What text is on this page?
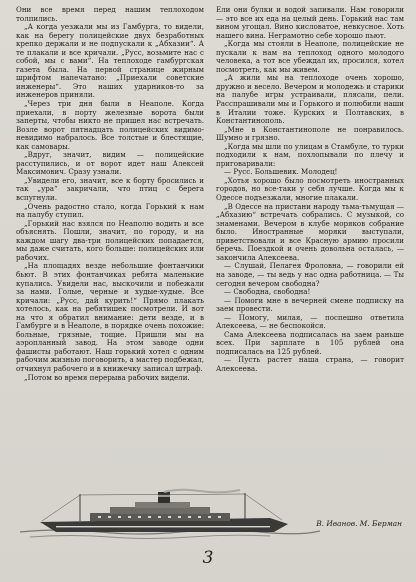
Они все время перед нашим теплоходом толпились.

„А когда уезжали мы из Гамбурга, то видели, как на берегу полицейские двух безработных крепко держали и не подпускали к „Абхазии“. А те плакали и все кричали. „Русс, возьмите нас с собой, мы с вами“. На теплоходе гамбургская газета была. На первой странице жирным шрифтом напечатано: „Приехали советские инженеры“. Это наших ударников-то за инженеров приняли.

„Через три дня были в Неаполе. Когда приехали, в порту железные ворота были заперты, чтобы никто не пришел нас встречать. Возле ворот пятнадцать полицейских видимо-невидимо набралось. Все толстые и блестящие, как самовары.

„Вдруг, значит, видим — полицейские расступились, и от ворот идет наш Алексей Максимович. Сразу узнали.

„Увидели его, значит, все к борту бросились и так „ура“ закричали, что птиц с берега вспугнули.

„Очень радостно стало, когда Горький к нам на палубу ступил.

„Горький нас взялся по Неаполю водить и все объяснять. Пошли, значит, по городу, и на каждом шагу два-три полицейских попадается, мы даже считать, кого больше: полицейских или рабочих.

„На площадях везде небольшие фонтанчики бьют. В этих фонтанчиках ребята маленькие купались. Увидели нас, выскочили и побежали за нами. Голые, черные и худые-худые. Все кричали: „Русс, дай курить!“ Прямо плакать хотелось, как на ребятишек посмотрели. И вот на что я обратил внимание: дети везде, и в Гамбурге и в Неаполе, в порядке очень похожие: больные, грязные, тощие. Пришли мы на аэропланный завод. На этом заводе одни фашисты работают. Наш горький хотел с одним рабочим жизнью поговорить, а мастер подбежал, отчихнул рабочего и в книжечку записал штраф.

„Потом во время перерыва рабочих видели.

Ели они булки и водой запивали. Нам говорили — это все их еда на целый день. Горький нас там вином угощал. Вино кисловатое, невкусное. Хоть нашего вина. Неграмотно себе хорошо пьют.

„Когда мы стояли в Неаполе, полицейские не пускали к нам на теплоход одного молодого человека, а тот все убеждал их, просился, хотел посмотреть, как мы живем.

„А жили мы на теплоходе очень хорошо, дружно и весело. Вечером и молодежь и старики на палубе игры устраивали, плясали, пели. Расспрашивали мы и Горького и полюбили наши в Италии тоже. Курских и Полтавских, в Константинополь.

„Мне в Константинополе не понравилось. Шумно и грязно.

„Когда мы шли по улицам в Стамбуле, то турки подходили к нам, похлопывали по плечу и приговаривали:

— Русс. Большевик. Молодец!

„Хотья хорошо было посмотреть иностранных городов, но все-таки у себя лучше. Когда мы к Одессе подъезжали, многие плакали.

„В Одессе на пристани народу тьма-тьмущая — „Абхазию“ встречать собрались. С музыкой, со знаменами. Вечером в клубе моряков собрание было. Иностранные моряки выступали, приветствовали и все Красную армию просили беречь. Поездкой и очень довольна осталась, — закончила Алексеева.

— Слушай, Пелагея Фроловна, — говорили ей на заводе, — ты ведь у нас одна работница. — Ты сегодня вечером свободна?

— Свободна, свободна!

— Помоги мне в вечерней смене подписку на заем провести.

— Помогу, милая, — поспешно ответила Алексеева, — не беспокойся.

Сама Алексеева подписалась на заем раньше всех. При зарплате в 105 рублей она подписалась на 125 рублей.

— Пусть растет наша страна, — говорит Алексеева.

В. Иванов. М. Берман
3
